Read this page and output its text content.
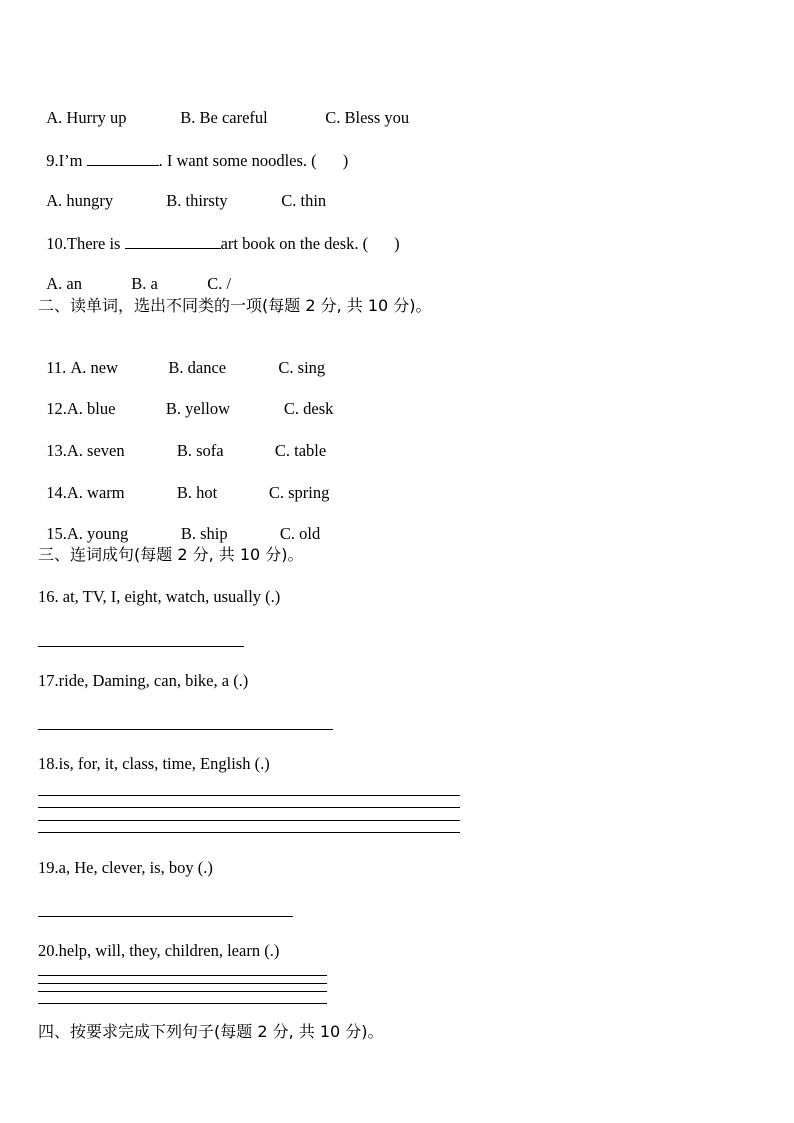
A. Hurry up	B. Be careful	C. Bless you

9.I’m	. I want some noodles. ( )

A. hungry	B. thirsty	C. thin

10.There is	art book on the desk. ( )

A. an	B. a	C. /

二、读单词，选出不同类的一项(每题 2 分, 共 10 分)。

11. A. new	B. dance	C. sing

12.A. blue	B. yellow	C. desk

13.A. seven	B. sofa	C. table

14.A. warm	B. hot	C. spring

15.A. young	B. ship	C. old

三、连词成句(每题 2 分, 共 10 分)。
16. at, TV, I, eight, watch, usually (.)
17.ride, Daming, can, bike, a (.)
18.is, for, it, class, time, English (.)
19.a, He, clever, is, boy (.)
20.help, will, they, children, learn (.)
四、按要求完成下列句子(每题 2 分, 共 10 分)。
